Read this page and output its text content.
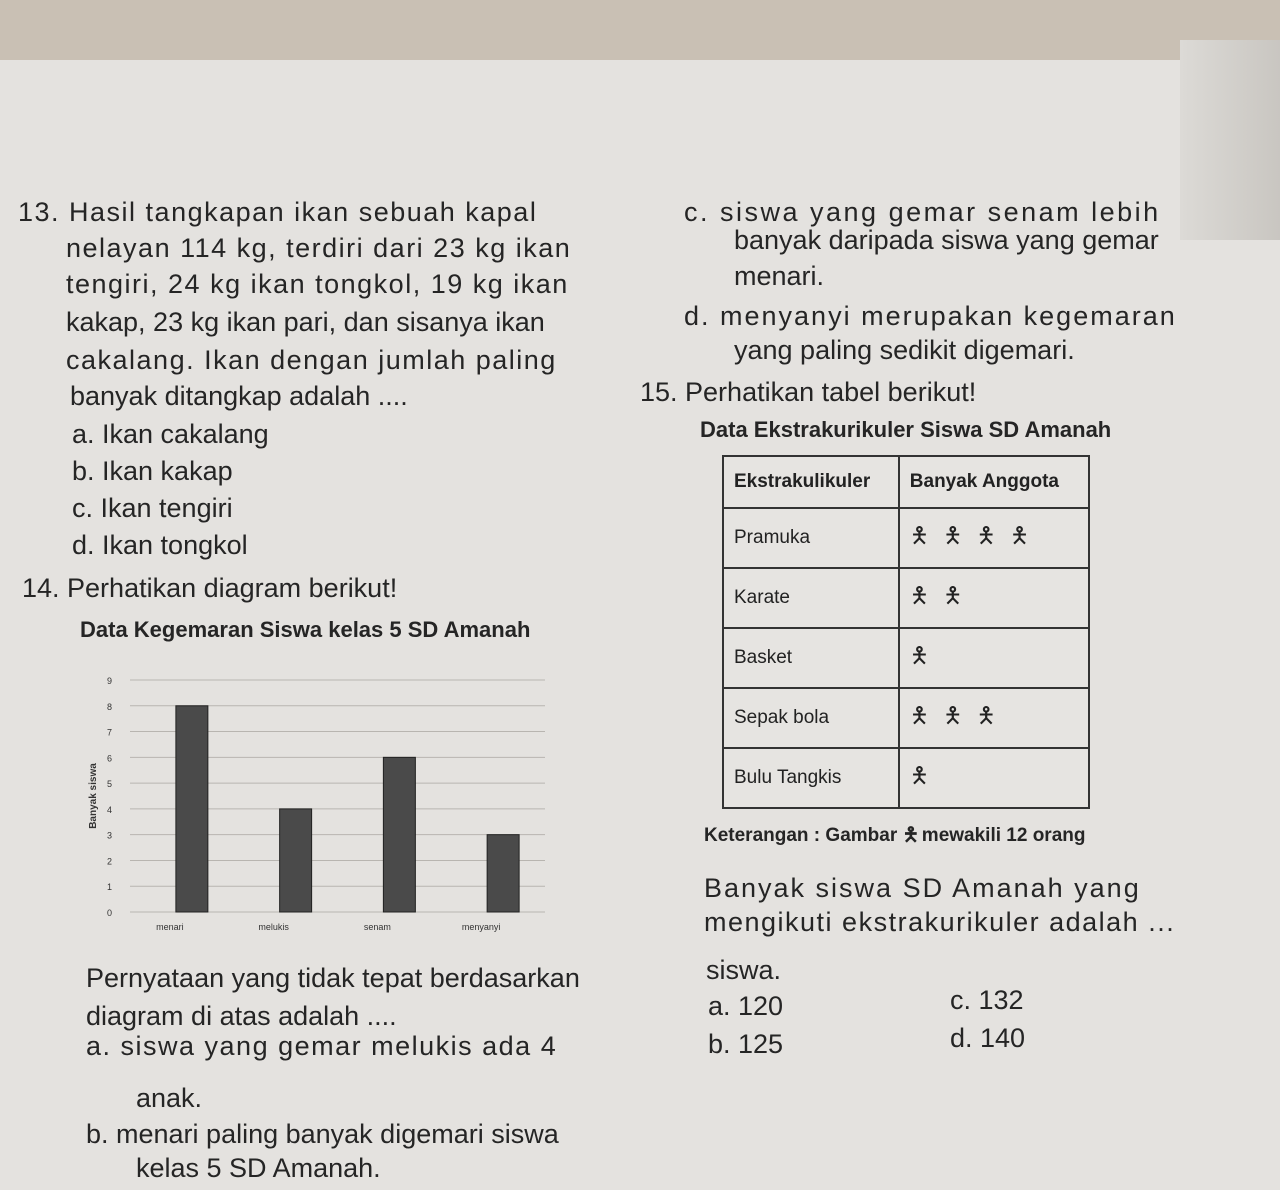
13. Hasil tangkapan ikan sebuah kapal
nelayan 114 kg, terdiri dari 23 kg ikan
tengiri, 24 kg ikan tongkol, 19 kg ikan
kakap, 23 kg ikan pari, dan sisanya ikan
cakalang. Ikan dengan jumlah paling
banyak ditangkap adalah ....
a. Ikan cakalang
b. Ikan kakap
c. Ikan tengiri
d. Ikan tongkol
14. Perhatikan diagram berikut!
Data Kegemaran Siswa kelas 5 SD Amanah
0
1
2
3
4
5
6
7
8
9
Banyak siswa
menari	melukis	senam	menyanyi
Pernyataan yang tidak tepat berdasarkan
diagram di atas adalah ....
a. siswa yang gemar melukis ada 4
anak.
b. menari paling banyak digemari siswa
kelas 5 SD Amanah.
c. siswa yang gemar senam lebih
banyak daripada siswa yang gemar
menari.
d. menyanyi merupakan kegemaran
yang paling sedikit digemari.
15. Perhatikan tabel berikut!
Data Ekstrakurikuler Siswa SD Amanah
Ekstrakulikuler	Banyak Anggota
Pramuka	🯅🯅🯅🯅
Karate	🯅🯅
Basket	🯅
Sepak bola	🯅🯅🯅
Bulu Tangkis	🯅
Keterangan : Gambar 🯅 mewakili 12 orang
Banyak siswa SD Amanah yang
mengikuti ekstrakurikuler adalah ...
siswa.
a. 120
b. 125
c. 132
d. 140
